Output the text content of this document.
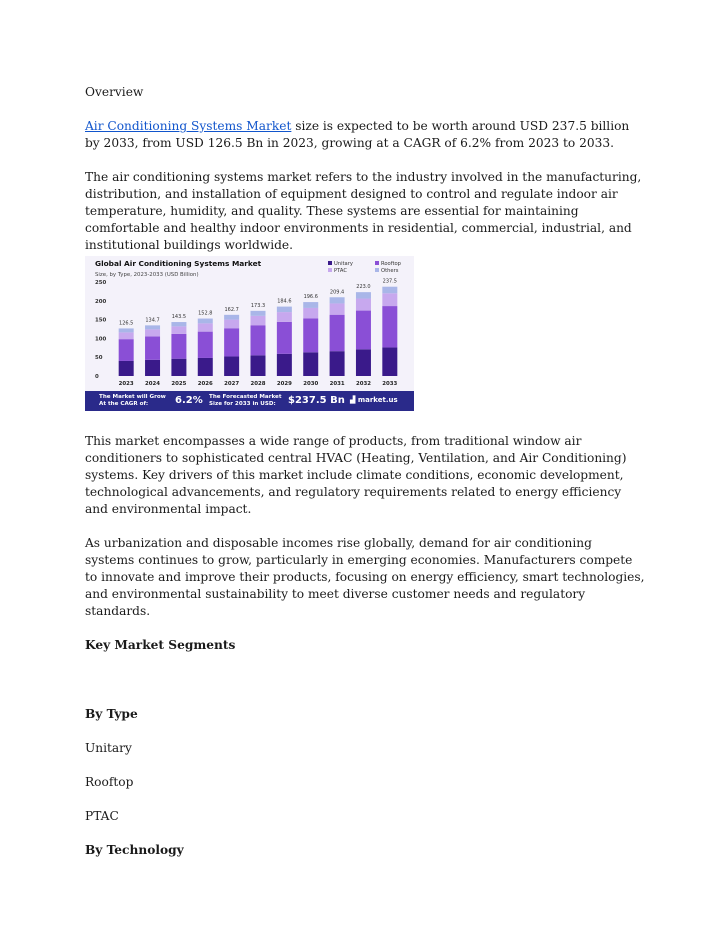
Overview

Air Conditioning Systems Market size is expected to be worth around USD 237.5 billion by 2033, from USD 126.5 Bn in 2023, growing at a CAGR of 6.2% from 2023 to 2033.

The air conditioning systems market refers to the industry involved in the manufacturing, distribution, and installation of equipment designed to control and regulate indoor air temperature, humidity, and quality. These systems are essential for maintaining comfortable and healthy indoor environments in residential, commercial, industrial, and institutional buildings worldwide.

Global Air Conditioning Systems Market
Size, by Type, 2023-2033 (USD Billion)
Unitary	Rooftop
PTAC	Others
0
50
100
150
200
250
126.5
2023
134.7
2024
143.5
2025
152.8
2026
162.7
2027
173.3
2028
184.6
2029
196.6
2030
209.4
2031
223.0
2032
237.5
2033
The Market will Grow
At the CAGR of:	6.2% The Forecasted Market
Size for 2033 in USD: $237.5 Bn ▟ market.us

This market encompasses a wide range of products, from traditional window air conditioners to sophisticated central HVAC (Heating, Ventilation, and Air Conditioning) systems. Key drivers of this market include climate conditions, economic development, technological advancements, and regulatory requirements related to energy efficiency and environmental impact.

As urbanization and disposable incomes rise globally, demand for air conditioning systems continues to grow, particularly in emerging economies. Manufacturers compete to innovate and improve their products, focusing on energy efficiency, smart technologies, and environmental sustainability to meet diverse customer needs and regulatory standards.

Key Market Segments

By Type

Unitary

Rooftop

PTAC

By Technology
